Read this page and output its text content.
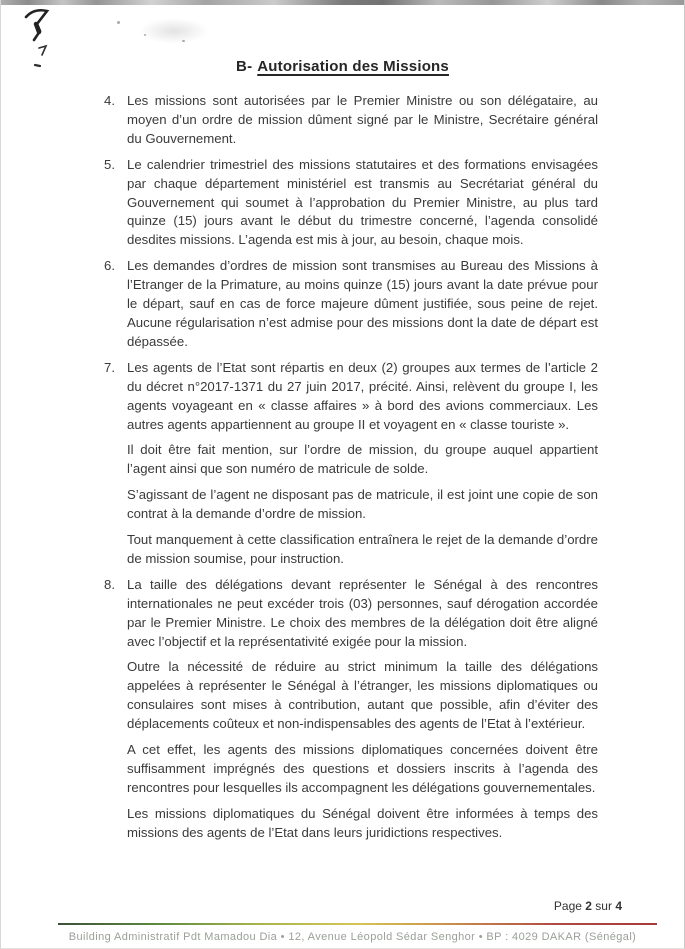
B- Autorisation des Missions
4. Les missions sont autorisées par le Premier Ministre ou son délégataire, au moyen d’un ordre de mission dûment signé par le Ministre, Secrétaire général du Gouvernement.

5. Le calendrier trimestriel des missions statutaires et des formations envisagées par chaque département ministériel est transmis au Secrétariat général du Gouvernement qui soumet à l’approbation du Premier Ministre, au plus tard quinze (15) jours avant le début du trimestre concerné, l’agenda consolidé desdites missions. L’agenda est mis à jour, au besoin, chaque mois.

6. Les demandes d’ordres de mission sont transmises au Bureau des Missions à l’Etranger de la Primature, au moins quinze (15) jours avant la date prévue pour le départ, sauf en cas de force majeure dûment justifiée, sous peine de rejet. Aucune régularisation n’est admise pour des missions dont la date de départ est dépassée.

7. Les agents de l’Etat sont répartis en deux (2) groupes aux termes de l’article 2 du décret n°2017-1371 du 27 juin 2017, précité. Ainsi, relèvent du groupe I, les agents voyageant en « classe affaires » à bord des avions commerciaux. Les autres agents appartiennent au groupe II et voyagent en « classe touriste ».

Il doit être fait mention, sur l’ordre de mission, du groupe auquel appartient l’agent ainsi que son numéro de matricule de solde.

S’agissant de l’agent ne disposant pas de matricule, il est joint une copie de son contrat à la demande d’ordre de mission.

Tout manquement à cette classification entraînera le rejet de la demande d’ordre de mission soumise, pour instruction.

8. La taille des délégations devant représenter le Sénégal à des rencontres internationales ne peut excéder trois (03) personnes, sauf dérogation accordée par le Premier Ministre. Le choix des membres de la délégation doit être aligné avec l’objectif et la représentativité exigée pour la mission.

Outre la nécessité de réduire au strict minimum la taille des délégations appelées à représenter le Sénégal à l’étranger, les missions diplomatiques ou consulaires sont mises à contribution, autant que possible, afin d’éviter des déplacements coûteux et non-indispensables des agents de l’Etat à l’extérieur.

A cet effet, les agents des missions diplomatiques concernées doivent être suffisamment imprégnés des questions et dossiers inscrits à l’agenda des rencontres pour lesquelles ils accompagnent les délégations gouvernementales.

Les missions diplomatiques du Sénégal doivent être informées à temps des missions des agents de l’Etat dans leurs juridictions respectives.

Page 2 sur 4
Building Administratif Pdt Mamadou Dia • 12, Avenue Léopold Sédar Senghor • BP : 4029 DAKAR (Sénégal)
